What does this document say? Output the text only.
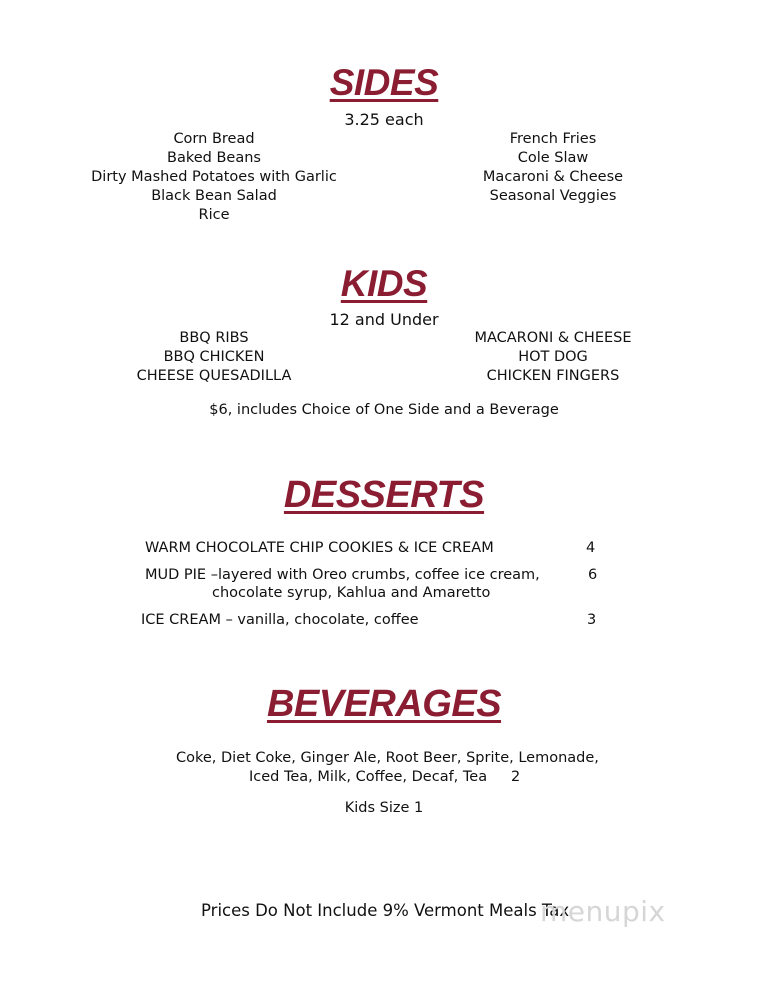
SIDES
3.25 each
Corn Bread
Baked Beans
Dirty Mashed Potatoes with Garlic
Black Bean Salad
Rice
French Fries
Cole Slaw
Macaroni & Cheese
Seasonal Veggies
KIDS
12 and Under
BBQ RIBS
BBQ CHICKEN
CHEESE QUESADILLA
MACARONI & CHEESE
HOT DOG
CHICKEN FINGERS
$6, includes Choice of One Side and a Beverage
DESSERTS
WARM CHOCOLATE CHIP COOKIES & ICE CREAM	4
MUD PIE –layered with Oreo crumbs, coffee ice cream,
chocolate syrup, Kahlua and Amaretto
6
ICE CREAM – vanilla, chocolate, coffee	3
BEVERAGES
Coke, Diet Coke, Ginger Ale, Root Beer, Sprite, Lemonade,
Iced Tea, Milk, Coffee, Decaf, Tea 2
Kids Size 1
Prices Do Not Include 9% Vermont Meals Tax
menupix
